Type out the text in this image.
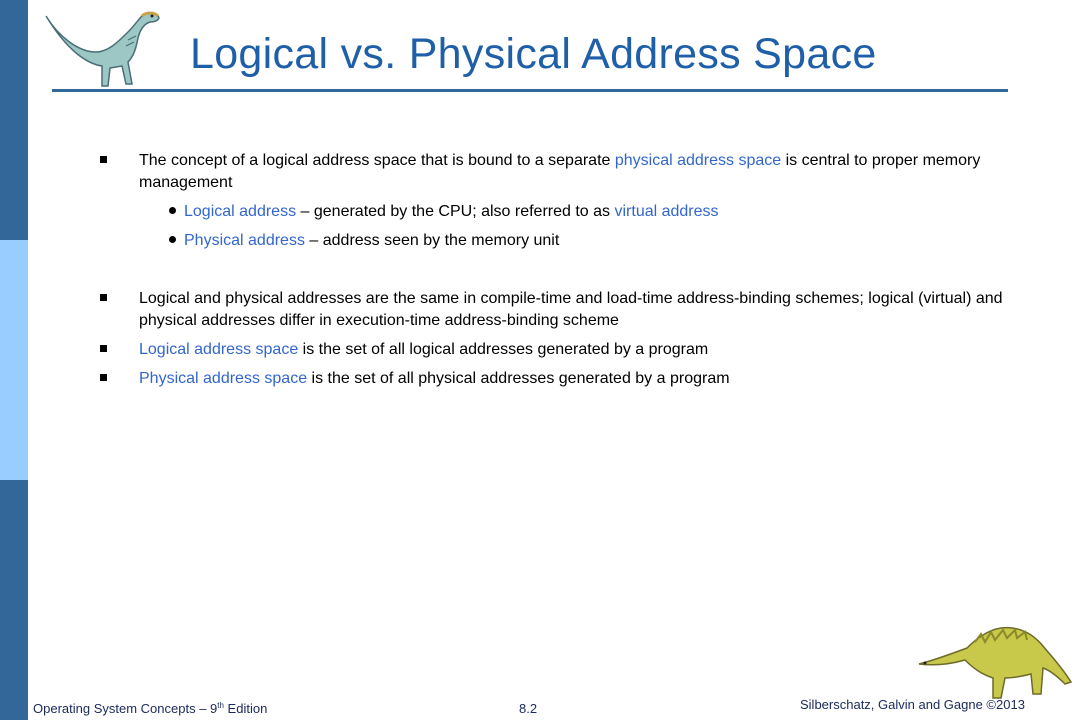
Logical vs. Physical Address Space
The concept of a logical address space that is bound to a separate physical address space is central to proper memory management
Logical address – generated by the CPU; also referred to as virtual address
Physical address – address seen by the memory unit
Logical and physical addresses are the same in compile-time and load-time address-binding schemes; logical (virtual) and physical addresses differ in execution-time address-binding scheme
Logical address space is the set of all logical addresses generated by a program
Physical address space is the set of all physical addresses generated by a program
Operating System Concepts – 9th Edition	8.2	Silberschatz, Galvin and Gagne ©2013
